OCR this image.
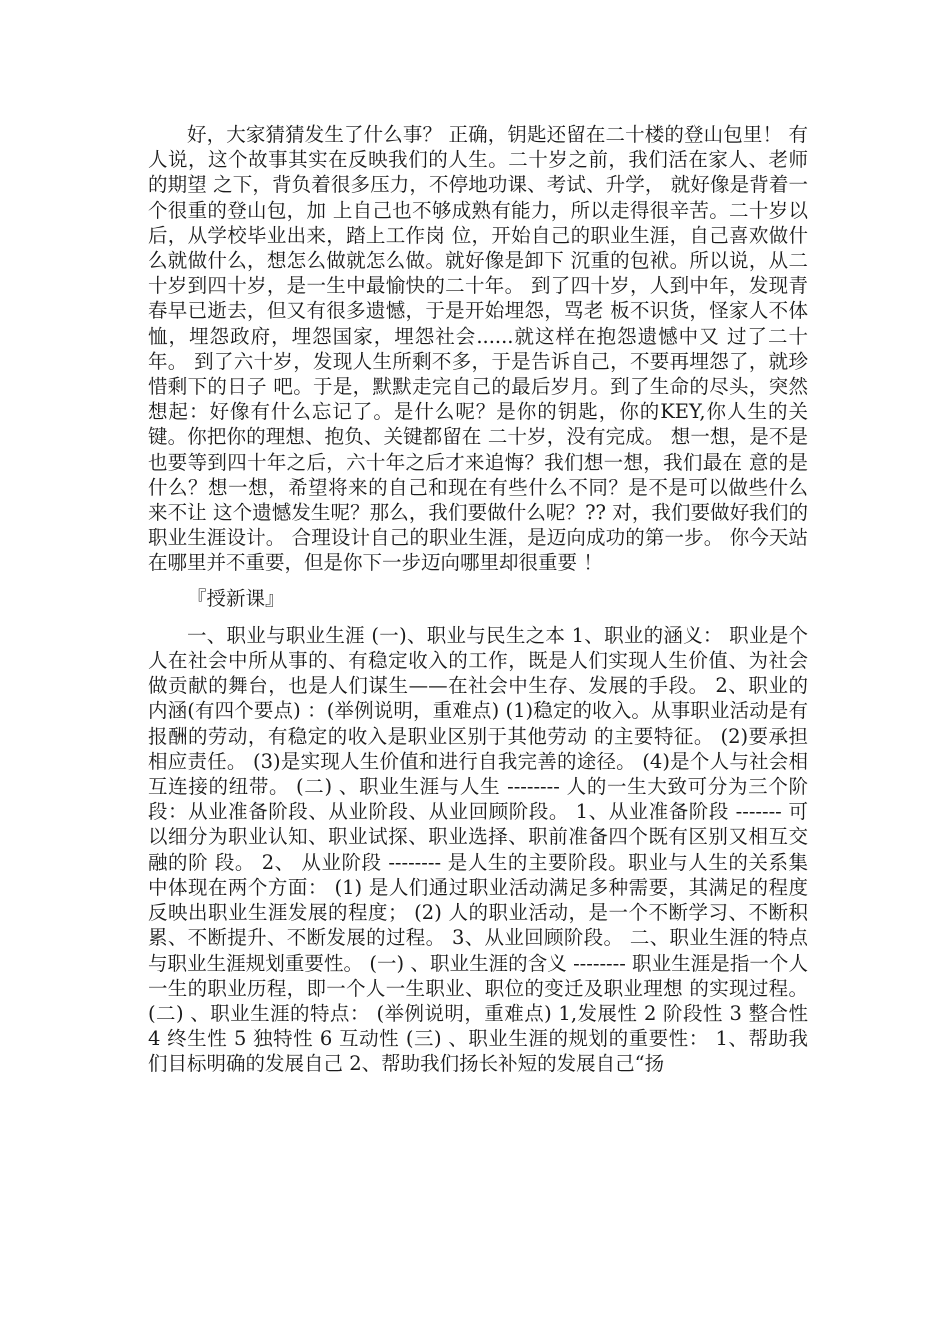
好，大家猜猜发生了什么事？ 正确，钥匙还留在二十楼的登山包里！ 有人说，这个故事其实在反映我们的人生。二十岁之前，我们活在家人、老师的期望 之下，背负着很多压力，不停地功课、考试、升学， 就好像是背着一个很重的登山包，加 上自己也不够成熟有能力，所以走得很辛苦。二十岁以后，从学校毕业出来，踏上工作岗 位，开始自己的职业生涯，自己喜欢做什么就做什么，想怎么做就怎么做。就好像是卸下 沉重的包袱。所以说，从二十岁到四十岁，是一生中最愉快的二十年。 到了四十岁，人到中年，发现青春早已逝去，但又有很多遗憾，于是开始埋怨，骂老 板不识货，怪家人不体恤，埋怨政府，埋怨国家，埋怨社会......就这样在抱怨遗憾中又 过了二十年。 到了六十岁，发现人生所剩不多，于是告诉自己，不要再埋怨了，就珍惜剩下的日子 吧。于是，默默走完自己的最后岁月。到了生命的尽头，突然想起：好像有什么忘记了。是什么呢？是你的钥匙，你的KEY,你人生的关键。你把你的理想、抱负、关键都留在 二十岁，没有完成。 想一想，是不是也要等到四十年之后，六十年之后才来追悔？我们想一想，我们最在 意的是什么？想一想，希望将来的自己和现在有些什么不同？是不是可以做些什么来不让 这个遗憾发生呢？那么，我们要做什么呢？?? 对，我们要做好我们的职业生涯设计。 合理设计自己的职业生涯，是迈向成功的第一步。 你今天站在哪里并不重要，但是你下一步迈向哪里却很重要 ！

『授新课』

一、职业与职业生涯 (一)、职业与民生之本 1、职业的涵义： 职业是个人在社会中所从事的、有稳定收入的工作，既是人们实现人生价值、为社会 做贡献的舞台，也是人们谋生——在社会中生存、发展的手段。 2、职业的内涵(有四个要点) ：(举例说明，重难点) (1)稳定的收入。从事职业活动是有报酬的劳动，有稳定的收入是职业区别于其他劳动 的主要特征。 (2)要承担相应责任。 (3)是实现人生价值和进行自我完善的途径。 (4)是个人与社会相互连接的纽带。 (二) 、职业生涯与人生 -------- 人的一生大致可分为三个阶段：从业准备阶段、从业阶段、从业回顾阶段。 1、从业准备阶段 ------- 可以细分为职业认知、职业试探、职业选择、职前准备四个既有区别又相互交融的阶 段。 2、 从业阶段 -------- 是人生的主要阶段。职业与人生的关系集中体现在两个方面： (1) 是人们通过职业活动满足多种需要，其满足的程度反映出职业生涯发展的程度； (2) 人的职业活动，是一个不断学习、不断积累、不断提升、不断发展的过程。 3、从业回顾阶段。 二、职业生涯的特点与职业生涯规划重要性。 (一) 、职业生涯的含义 -------- 职业生涯是指一个人一生的职业历程，即一个人一生职业、职位的变迁及职业理想 的实现过程。 (二) 、职业生涯的特点： (举例说明，重难点) 1,发展性 2 阶段性 3 整合性 4 终生性 5 独特性 6 互动性 (三) 、职业生涯的规划的重要性： 1、帮助我们目标明确的发展自己 2、帮助我们扬长补短的发展自己“扬
